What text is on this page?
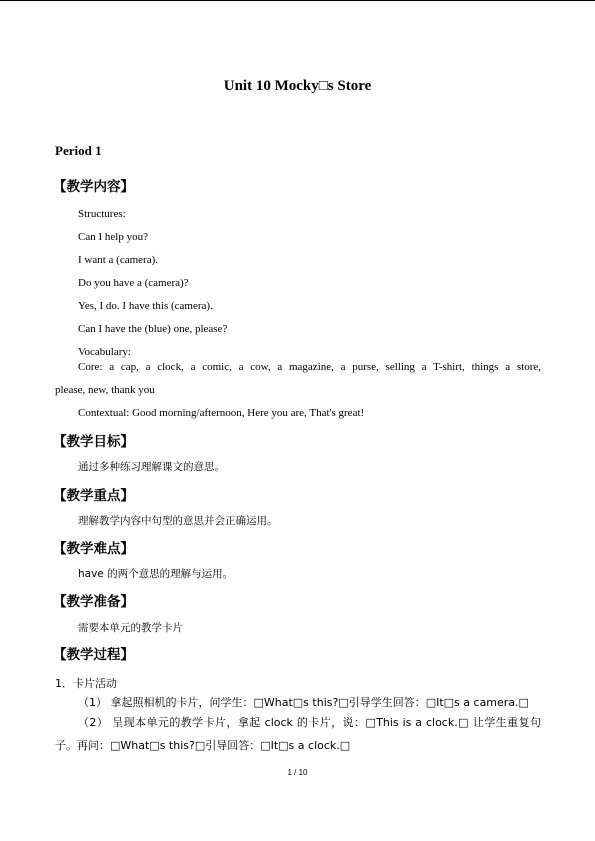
Unit 10 Mocky□s Store
Period 1
【教学内容】
Structures:
Can I help you?
I want a (camera).
Do you have a (camera)?
Yes, I do. I have this (camera).
Can I have the (blue) one, please?
Vocabulary:
Core: a cap, a clock, a comic, a cow, a magazine, a purse, selling a T-shirt, things a store,
please, new, thank you
Contextual: Good morning/afternoon, Here you are, That's great!
【教学目标】
通过多种练习理解课文的意思。
【教学重点】
理解教学内容中句型的意思并会正确运用。
【教学难点】
have 的两个意思的理解与运用。
【教学准备】
需要本单元的教学卡片
【教学过程】
1．卡片活动
（1） 拿起照相机的卡片，问学生：□What□s this?□引导学生回答：□It□s a camera.□
（2） 呈现本单元的教学卡片，拿起 clock 的卡片，说：□This is a clock.□ 让学生重复句
子。再问：□What□s this?□引导回答：□It□s a clock.□
1 / 10
